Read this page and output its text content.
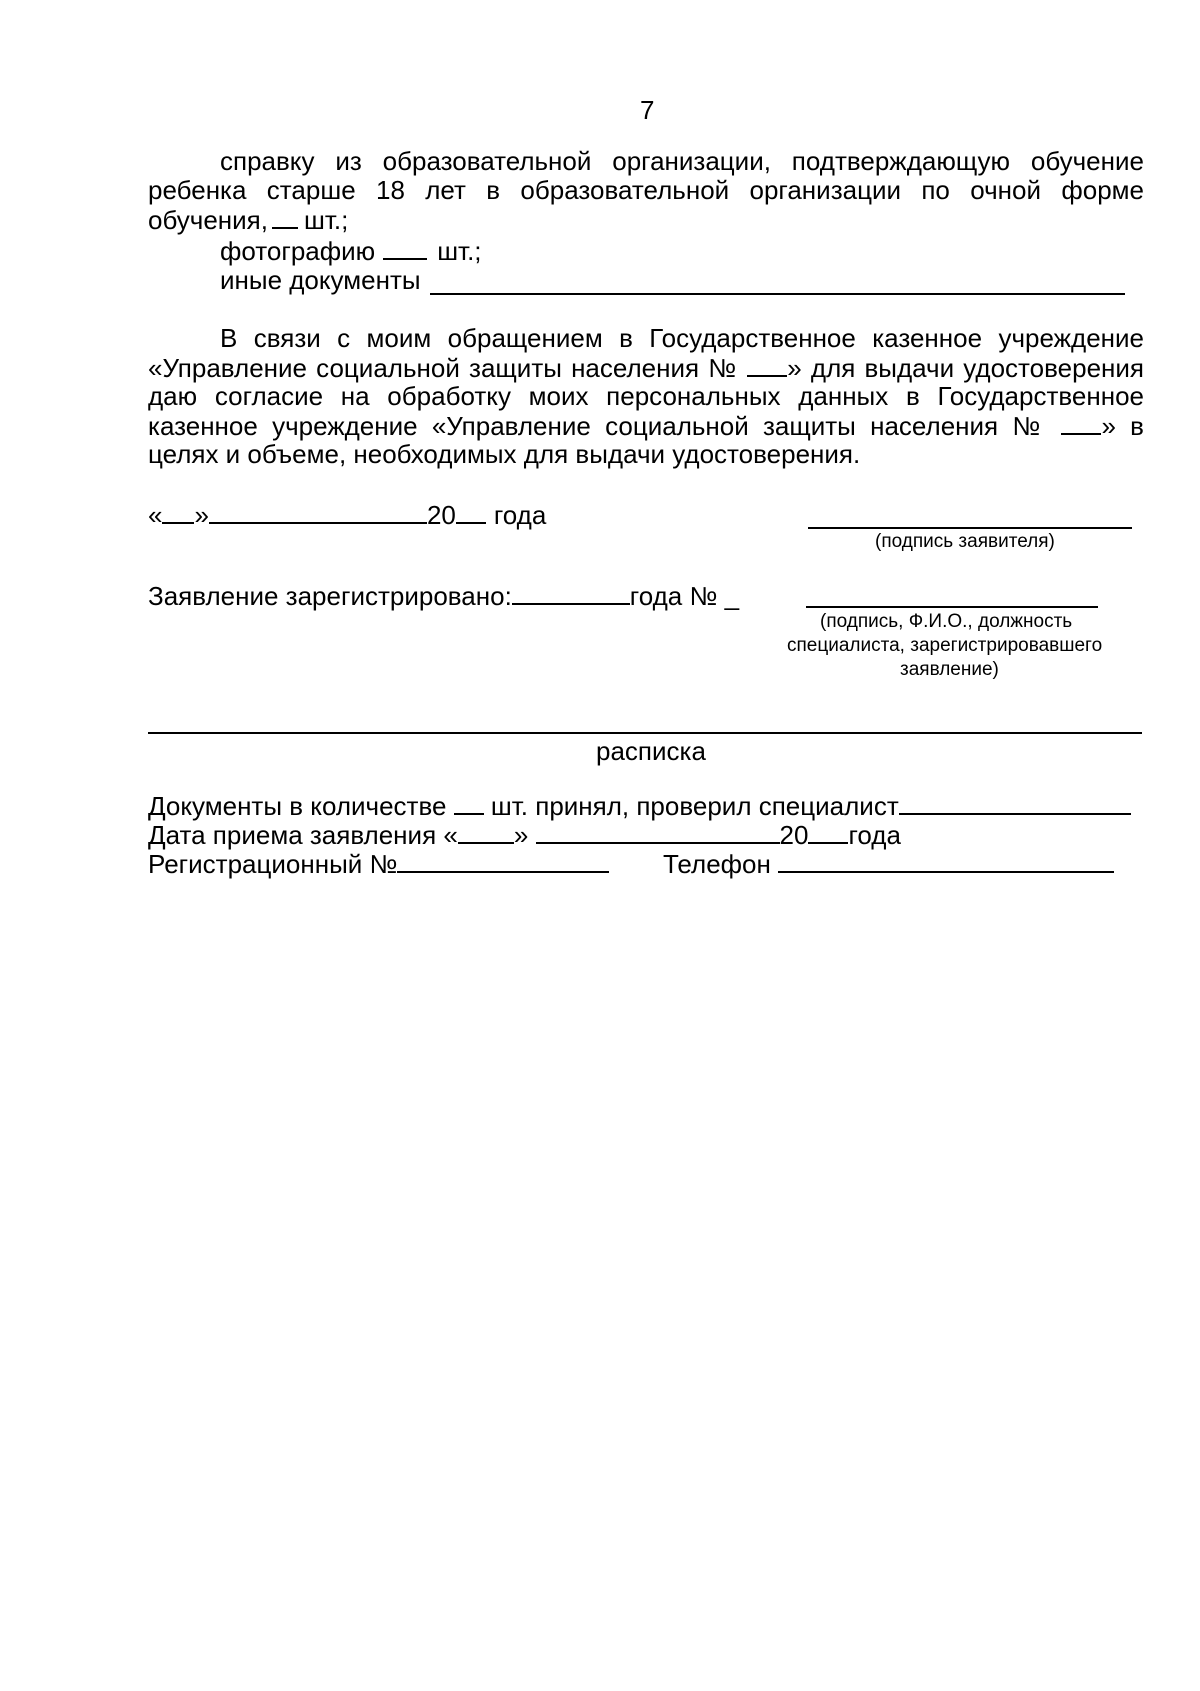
7
справку из образовательной организации, подтверждающую обучение
ребенка старше 18 лет в образовательной организации по очной форме
обучения, шт.;
фотографию шт.;
иные документы
В связи с моим обращением в Государственное казенное учреждение
«Управление социальной защиты населения № » для выдачи удостоверения
даю согласие на обработку моих персональных данных в Государственное
казенное учреждение «Управление социальной защиты населения № » в
целях и объеме, необходимых для выдачи удостоверения.
« »	20 года
(подпись заявителя)
Заявление зарегистрировано:	года № _
(подпись, Ф.И.О., должность
специалиста, зарегистрировавшего
заявление)
расписка
Документы в количестве шт. принял, проверил специалист
Дата приема заявления « »	20 года
Регистрационный №	Телефон
